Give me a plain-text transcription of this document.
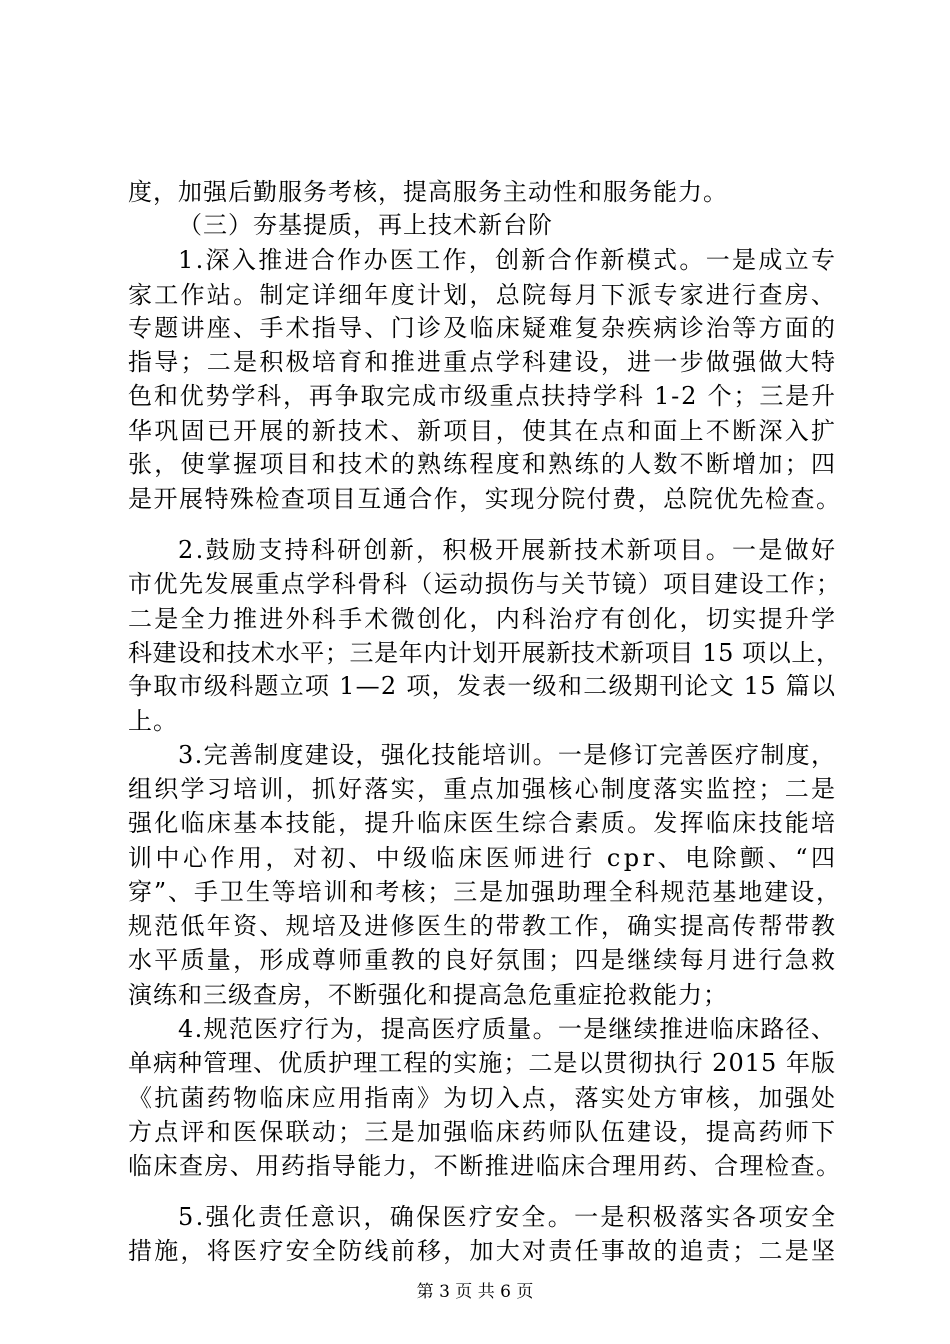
度，加强后勤服务考核，提高服务主动性和服务能力。
（三）夯基提质，再上技术新台阶
1.深入推进合作办医工作，创新合作新模式。一是成立专
家工作站。制定详细年度计划，总院每月下派专家进行查房、
专题讲座、手术指导、门诊及临床疑难复杂疾病诊治等方面的
指导；二是积极培育和推进重点学科建设，进一步做强做大特
色和优势学科，再争取完成市级重点扶持学科 1-2 个；三是升
华巩固已开展的新技术、新项目，使其在点和面上不断深入扩
张，使掌握项目和技术的熟练程度和熟练的人数不断增加；四
是开展特殊检查项目互通合作，实现分院付费，总院优先检查。
2.鼓励支持科研创新，积极开展新技术新项目。一是做好
市优先发展重点学科骨科（运动损伤与关节镜）项目建设工作；
二是全力推进外科手术微创化，内科治疗有创化，切实提升学
科建设和技术水平；三是年内计划开展新技术新项目 15 项以上，
争取市级科题立项 1—2 项，发表一级和二级期刊论文 15 篇以
上。
3.完善制度建设，强化技能培训。一是修订完善医疗制度，
组织学习培训，抓好落实，重点加强核心制度落实监控；二是
强化临床基本技能，提升临床医生综合素质。发挥临床技能培
训中心作用，对初、中级临床医师进行 cpr、电除颤、“四
穿”、手卫生等培训和考核；三是加强助理全科规范基地建设，
规范低年资、规培及进修医生的带教工作，确实提高传帮带教
水平质量，形成尊师重教的良好氛围；四是继续每月进行急救
演练和三级查房，不断强化和提高急危重症抢救能力；
4.规范医疗行为，提高医疗质量。一是继续推进临床路径、
单病种管理、优质护理工程的实施；二是以贯彻执行 2015 年版
《抗菌药物临床应用指南》为切入点，落实处方审核，加强处
方点评和医保联动；三是加强临床药师队伍建设，提高药师下
临床查房、用药指导能力，不断推进临床合理用药、合理检查。
5.强化责任意识，确保医疗安全。一是积极落实各项安全
措施，将医疗安全防线前移，加大对责任事故的追责；二是坚
第 3 页 共 6 页
